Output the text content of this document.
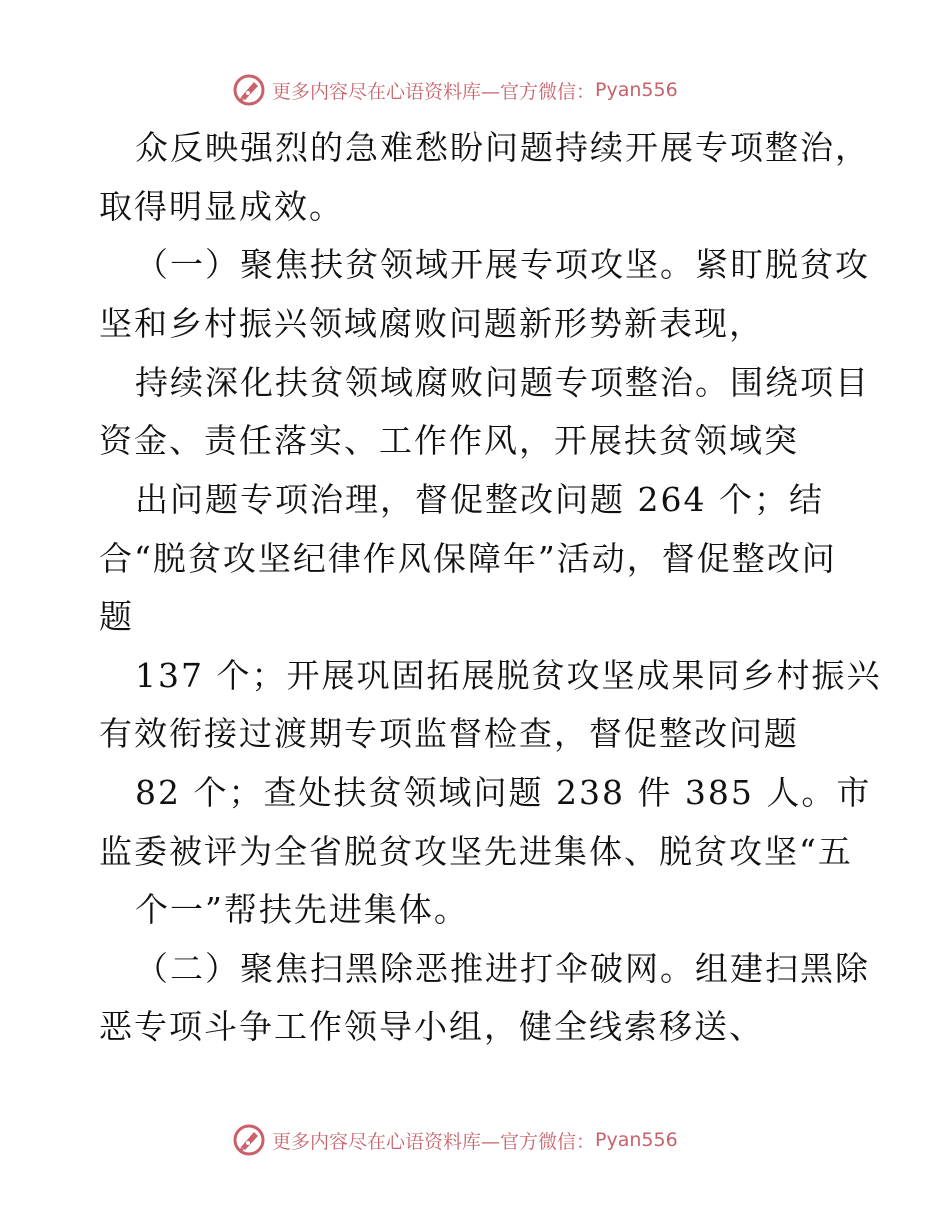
更多内容尽在心语资料库—官方微信： Pyan556
众反映强烈的急难愁盼问题持续开展专项整治，
取得明显成效。
（一）聚焦扶贫领域开展专项攻坚。紧盯脱贫攻
坚和乡村振兴领域腐败问题新形势新表现，
持续深化扶贫领域腐败问题专项整治。围绕项目
资金、责任落实、工作作风，开展扶贫领域突
出问题专项治理，督促整改问题 264 个；结
合“脱贫攻坚纪律作风保障年”活动，督促整改问
题
137 个；开展巩固拓展脱贫攻坚成果同乡村振兴
有效衔接过渡期专项监督检查，督促整改问题
82 个；查处扶贫领域问题 238 件 385 人。市
监委被评为全省脱贫攻坚先进集体、脱贫攻坚“五
个一”帮扶先进集体。
（二）聚焦扫黑除恶推进打伞破网。组建扫黑除
恶专项斗争工作领导小组，健全线索移送、
更多内容尽在心语资料库—官方微信： Pyan556
